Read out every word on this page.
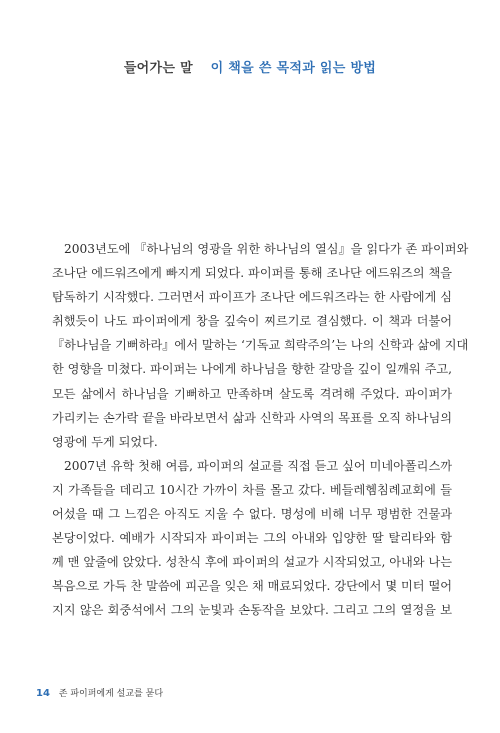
들어가는 말 이 책을 쓴 목적과 읽는 방법
2003년도에 『하나님의 영광을 위한 하나님의 열심』을 읽다가 존 파이퍼와
조나단 에드워즈에게 빠지게 되었다. 파이퍼를 통해 조나단 에드워즈의 책을
탐독하기 시작했다. 그러면서 파이프가 조나단 에드워즈라는 한 사람에게 심
취했듯이 나도 파이퍼에게 창을 깊숙이 찌르기로 결심했다. 이 책과 더불어
『하나님을 기뻐하라』에서 말하는 ‘기독교 희락주의’는 나의 신학과 삶에 지대
한 영향을 미쳤다. 파이퍼는 나에게 하나님을 향한 갈망을 깊이 일깨워 주고,
모든 삶에서 하나님을 기뻐하고 만족하며 살도록 격려해 주었다. 파이퍼가
가리키는 손가락 끝을 바라보면서 삶과 신학과 사역의 목표를 오직 하나님의
영광에 두게 되었다.
2007년 유학 첫해 여름, 파이퍼의 설교를 직접 듣고 싶어 미네아폴리스까
지 가족들을 데리고 10시간 가까이 차를 몰고 갔다. 베들레헴침례교회에 들
어섰을 때 그 느낌은 아직도 지울 수 없다. 명성에 비해 너무 평범한 건물과
본당이었다. 예배가 시작되자 파이퍼는 그의 아내와 입양한 딸 탈리타와 함
께 맨 앞줄에 앉았다. 성찬식 후에 파이퍼의 설교가 시작되었고, 아내와 나는
복음으로 가득 찬 말씀에 피곤을 잊은 채 매료되었다. 강단에서 몇 미터 떨어
지지 않은 회중석에서 그의 눈빛과 손동작을 보았다. 그리고 그의 열정을 보
14 존 파이퍼에게 설교를 묻다
